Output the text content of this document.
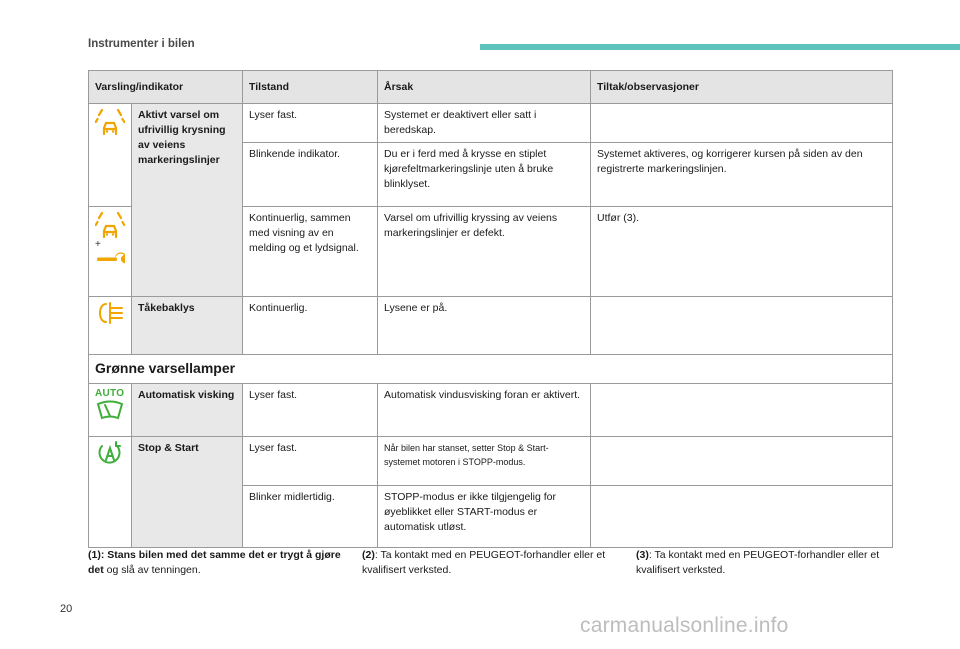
Instrumenter i bilen
Varsling/indikator		Tilstand	Årsak	Tiltak/observasjoner

	Aktivt varsel om ufrivillig krysning av veiens markeringslinjer	Lyser fast.	Systemet er deaktivert eller satt i beredskap.	
		Blinkende indikator.	Du er i ferd med å krysse en stiplet kjørefeltmarkeringslinje uten å bruke blinklyset.	Systemet aktiveres, og korrigerer kursen på siden av den registrerte markeringslinjen.

+		Kontinuerlig, sammen med visning av en melding og et lydsignal.	Varsel om ufrivillig kryssing av veiens markeringslinjer er defekt.	Utfør (3).

	Tåkebaklys	Kontinuerlig.	Lysene er på.	
Grønne varsellamper				

AUTO	Automatisk visking	Lyser fast.	Automatisk vindusvisking foran er aktivert.	

	Stop & Start	Lyser fast.	Når bilen har stanset, setter Stop & Start-systemet motoren i STOPP-modus.	
		Blinker midlertidig.	STOPP-modus er ikke tilgjengelig for øyeblikket eller START-modus er automatisk utløst.	
(1): Stans bilen med det samme det er trygt å gjøre det og slå av tenningen.
(2): Ta kontakt med en PEUGEOT-forhandler eller et kvalifisert verksted.
(3): Ta kontakt med en PEUGEOT-forhandler eller et kvalifisert verksted.
20
carmanualsonline.info
